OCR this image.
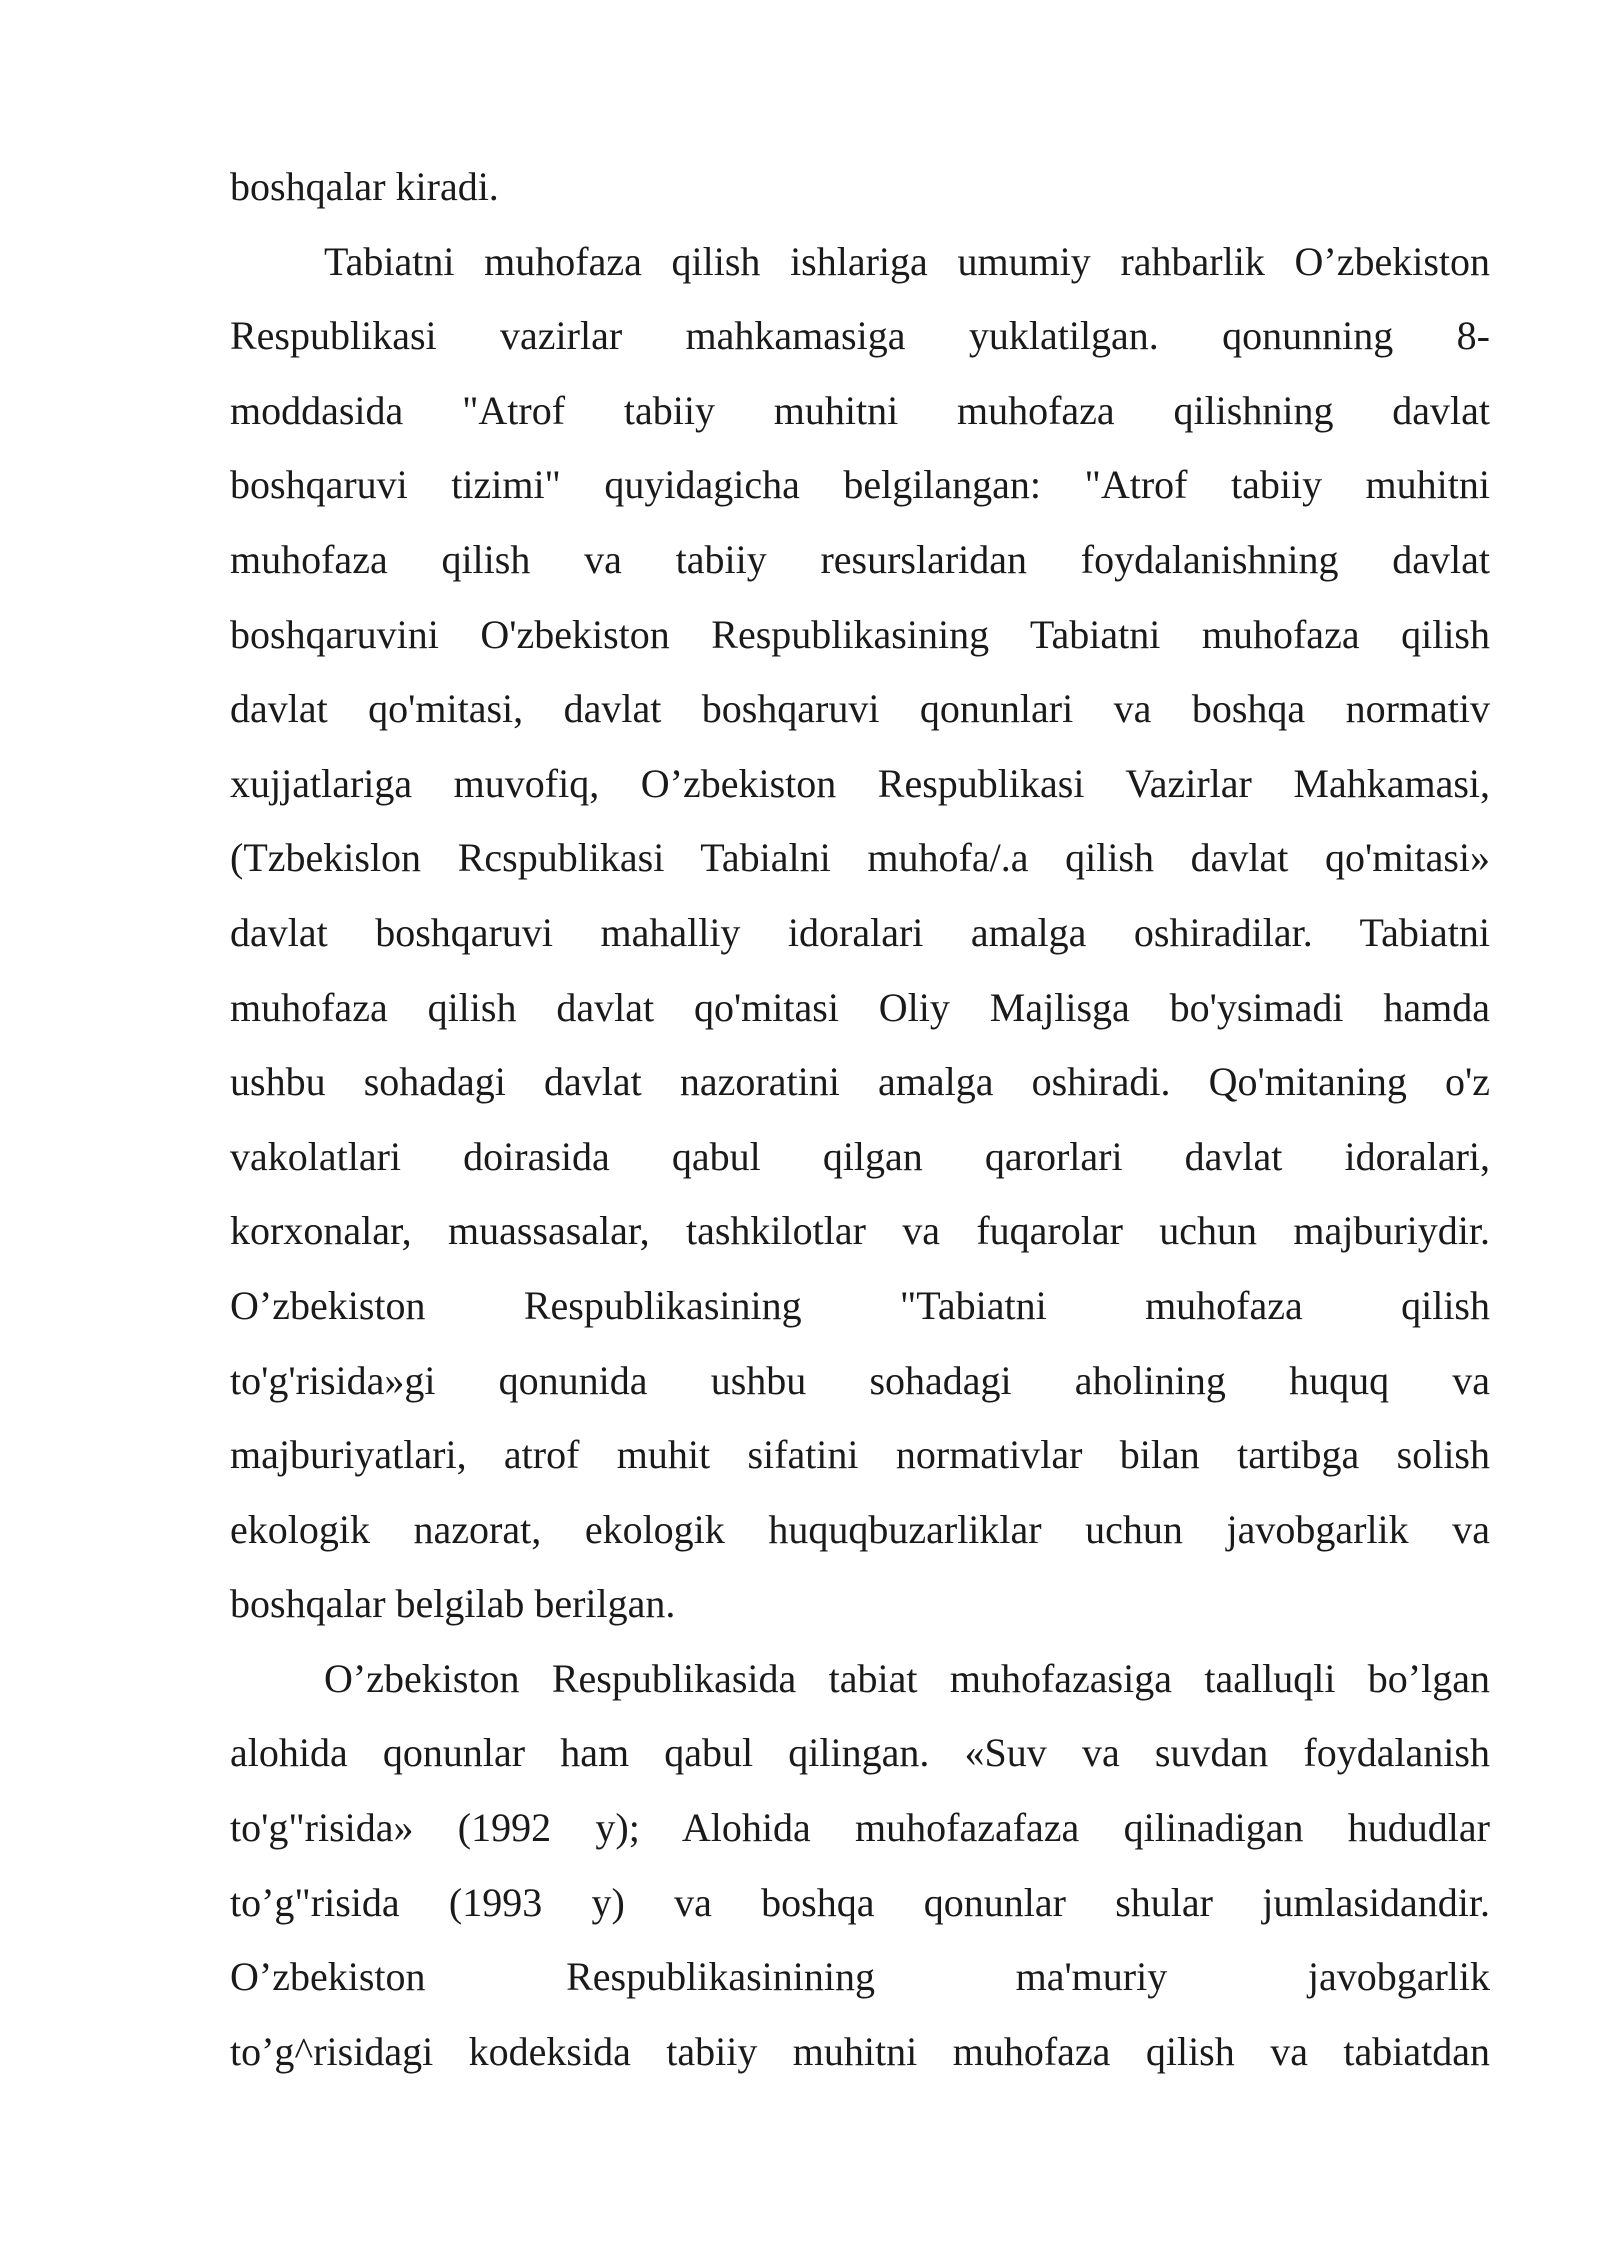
boshqalar kiradi.
Tabiatni muhofaza qilish ishlariga umumiy rahbarlik O’zbekiston
Respublikasi vazirlar mahkamasiga yuklatilgan. qonunning 8-
moddasida "Atrof tabiiy muhitni muhofaza qilishning davlat
boshqaruvi tizimi" quyidagicha belgilangan: "Atrof tabiiy muhitni
muhofaza qilish va tabiiy resurslaridan foydalanishning davlat
boshqaruvini O'zbekiston Respublikasining Tabiatni muhofaza qilish
davlat qo'mitasi, davlat boshqaruvi qonunlari va boshqa normativ
xujjatlariga muvofiq, O’zbekiston Respublikasi Vazirlar Mahkamasi,
(Tzbekislon Rcspublikasi Tabialni muhofa/.a qilish davlat qo'mitasi»
davlat boshqaruvi mahalliy idoralari amalga oshiradilar. Tabiatni
muhofaza qilish davlat qo'mitasi Oliy Majlisga bo'ysimadi hamda
ushbu sohadagi davlat nazoratini amalga oshiradi. Qo'mitaning o'z
vakolatlari doirasida qabul qilgan qarorlari davlat idoralari,
korxonalar, muassasalar, tashkilotlar va fuqarolar uchun majburiydir.
O’zbekiston Respublikasining "Tabiatni muhofaza qilish
to'g'risida»gi qonunida ushbu sohadagi aholining huquq va
majburiyatlari, atrof muhit sifatini normativlar bilan tartibga solish
ekologik nazorat, ekologik huquqbuzarliklar uchun javobgarlik va
boshqalar belgilab berilgan.
O’zbekiston Respublikasida tabiat muhofazasiga taalluqli bo’lgan
alohida qonunlar ham qabul qilingan. «Suv va suvdan foydalanish
to'g"risida» (1992 y); Alohida muhofazafaza qilinadigan hududlar
to’g"risida (1993 y) va boshqa qonunlar shular jumlasidandir.
O’zbekiston Respublikasinining ma'muriy javobgarlik
to’g^risidagi kodeksida tabiiy muhitni muhofaza qilish va tabiatdan
